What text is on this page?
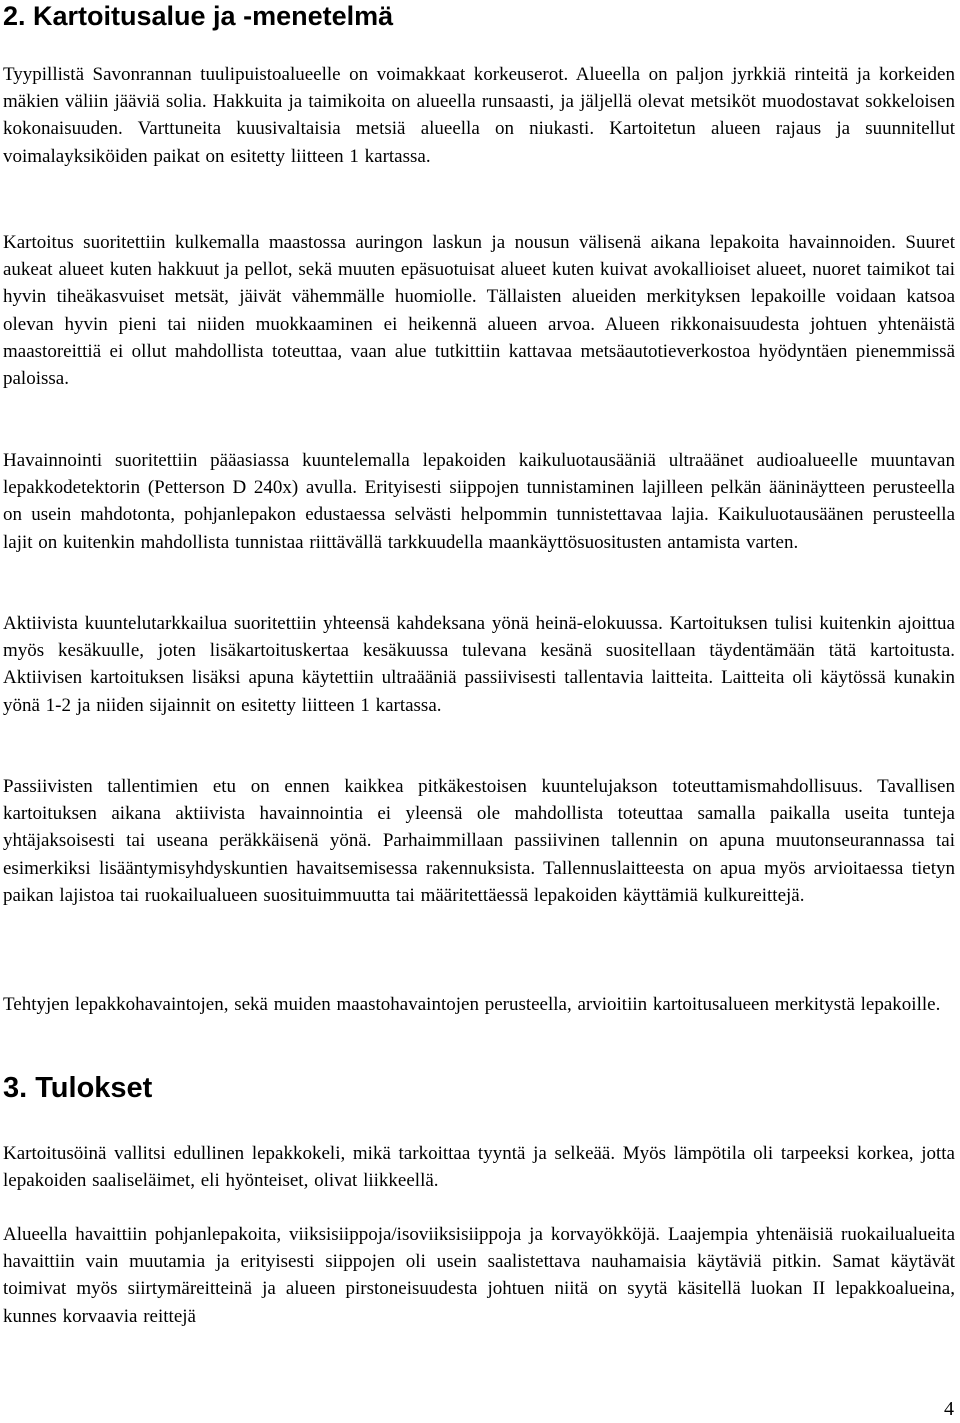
2. Kartoitusalue ja -menetelmä

Tyypillistä Savonrannan tuulipuistoalueelle on voimakkaat korkeuserot. Alueella on paljon jyrkkiä rinteitä ja korkeiden mäkien väliin jääviä solia. Hakkuita ja taimikoita on alueella runsaasti, ja jäljellä olevat metsiköt muodostavat sokkeloisen kokonaisuuden. Varttuneita kuusivaltaisia metsiä alueella on niukasti. Kartoitetun alueen rajaus ja suunnitellut voimalayksiköiden paikat on esitetty liitteen 1 kartassa.

Kartoitus suoritettiin kulkemalla maastossa auringon laskun ja nousun välisenä aikana lepakoita havainnoiden. Suuret aukeat alueet kuten hakkuut ja pellot, sekä muuten epäsuotuisat alueet kuten kuivat avokallioiset alueet, nuoret taimikot tai hyvin tiheäkasvuiset metsät, jäivät vähemmälle huomiolle. Tällaisten alueiden merkityksen lepakoille voidaan katsoa olevan hyvin pieni tai niiden muokkaaminen ei heikennä alueen arvoa. Alueen rikkonaisuudesta johtuen yhtenäistä maastoreittiä ei ollut mahdollista toteuttaa, vaan alue tutkittiin kattavaa metsäautotieverkostoa hyödyntäen pienemmissä paloissa.

Havainnointi suoritettiin pääasiassa kuuntelemalla lepakoiden kaikuluotausääniä ultraäänet audioalueelle muuntavan lepakkodetektorin (Petterson D 240x) avulla. Erityisesti siippojen tunnistaminen lajilleen pelkän ääninäytteen perusteella on usein mahdotonta, pohjanlepakon edustaessa selvästi helpommin tunnistettavaa lajia. Kaikuluotausäänen perusteella lajit on kuitenkin mahdollista tunnistaa riittävällä tarkkuudella maankäyttösuositusten antamista varten.

Aktiivista kuuntelutarkkailua suoritettiin yhteensä kahdeksana yönä heinä-elokuussa. Kartoituksen tulisi kuitenkin ajoittua myös kesäkuulle, joten lisäkartoituskertaa kesäkuussa tulevana kesänä suositellaan täydentämään tätä kartoitusta. Aktiivisen kartoituksen lisäksi apuna käytettiin ultraääniä passiivisesti tallentavia laitteita. Laitteita oli käytössä kunakin yönä 1-2 ja niiden sijainnit on esitetty liitteen 1 kartassa.

Passiivisten tallentimien etu on ennen kaikkea pitkäkestoisen kuuntelujakson toteuttamismahdollisuus. Tavallisen kartoituksen aikana aktiivista havainnointia ei yleensä ole mahdollista toteuttaa samalla paikalla useita tunteja yhtäjaksoisesti tai useana peräkkäisenä yönä. Parhaimmillaan passiivinen tallennin on apuna muutonseurannassa tai esimerkiksi lisääntymisyhdyskuntien havaitsemisessa rakennuksista. Tallennuslaitteesta on apua myös arvioitaessa tietyn paikan lajistoa tai ruokailualueen suosituimmuutta tai määritettäessä lepakoiden käyttämiä kulkureittejä.

Tehtyjen lepakkohavaintojen, sekä muiden maastohavaintojen perusteella, arvioitiin kartoitusalueen merkitystä lepakoille.

3. Tulokset

Kartoitusöinä vallitsi edullinen lepakkokeli, mikä tarkoittaa tyyntä ja selkeää. Myös lämpötila oli tarpeeksi korkea, jotta lepakoiden saaliseläimet, eli hyönteiset, olivat liikkeellä.

Alueella havaittiin pohjanlepakoita, viiksisiippoja/isoviiksisiippoja ja korvayökköjä. Laajempia yhtenäisiä ruokailualueita havaittiin vain muutamia ja erityisesti siippojen oli usein saalistettava nauhamaisia käytäviä pitkin. Samat käytävät toimivat myös siirtymäreitteinä ja alueen pirstoneisuudesta johtuen niitä on syytä käsitellä luokan II lepakkoalueina, kunnes korvaavia reittejä

4
